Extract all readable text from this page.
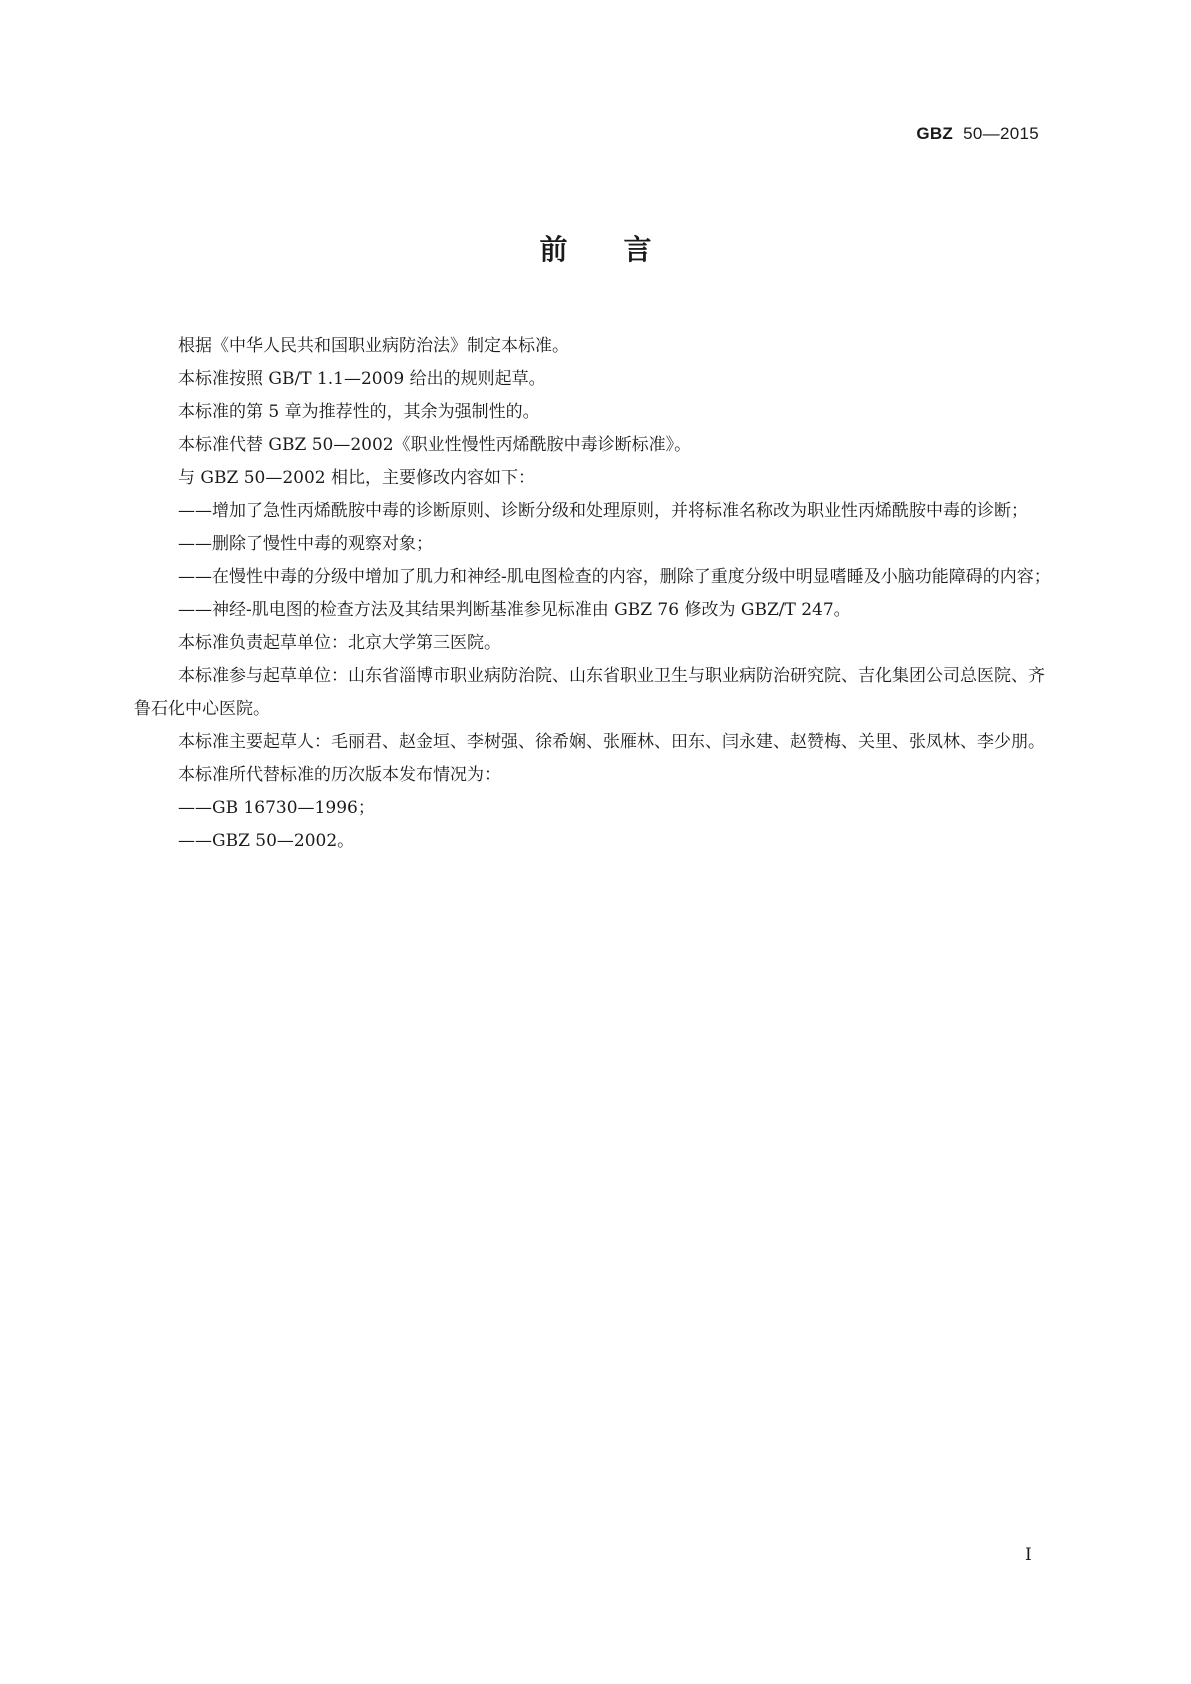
GBZ 50—2015
前言

根据《中华人民共和国职业病防治法》制定本标准。

本标准按照 GB/T 1.1—2009 给出的规则起草。

本标准的第 5 章为推荐性的，其余为强制性的。

本标准代替 GBZ 50—2002《职业性慢性丙烯酰胺中毒诊断标准》。

与 GBZ 50—2002 相比，主要修改内容如下：

——增加了急性丙烯酰胺中毒的诊断原则、诊断分级和处理原则，并将标准名称改为职业性丙烯酰胺中毒的诊断；

——删除了慢性中毒的观察对象；

——在慢性中毒的分级中增加了肌力和神经-肌电图检查的内容，删除了重度分级中明显嗜睡及小脑功能障碍的内容；

——神经-肌电图的检查方法及其结果判断基准参见标准由 GBZ 76 修改为 GBZ/T 247。

本标准负责起草单位：北京大学第三医院。

本标准参与起草单位：山东省淄博市职业病防治院、山东省职业卫生与职业病防治研究院、吉化集团公司总医院、齐鲁石化中心医院。

本标准主要起草人：毛丽君、赵金垣、李树强、徐希娴、张雁林、田东、闫永建、赵赞梅、关里、张凤林、李少朋。

本标准所代替标准的历次版本发布情况为：

——GB 16730—1996；

——GBZ 50—2002。

I
